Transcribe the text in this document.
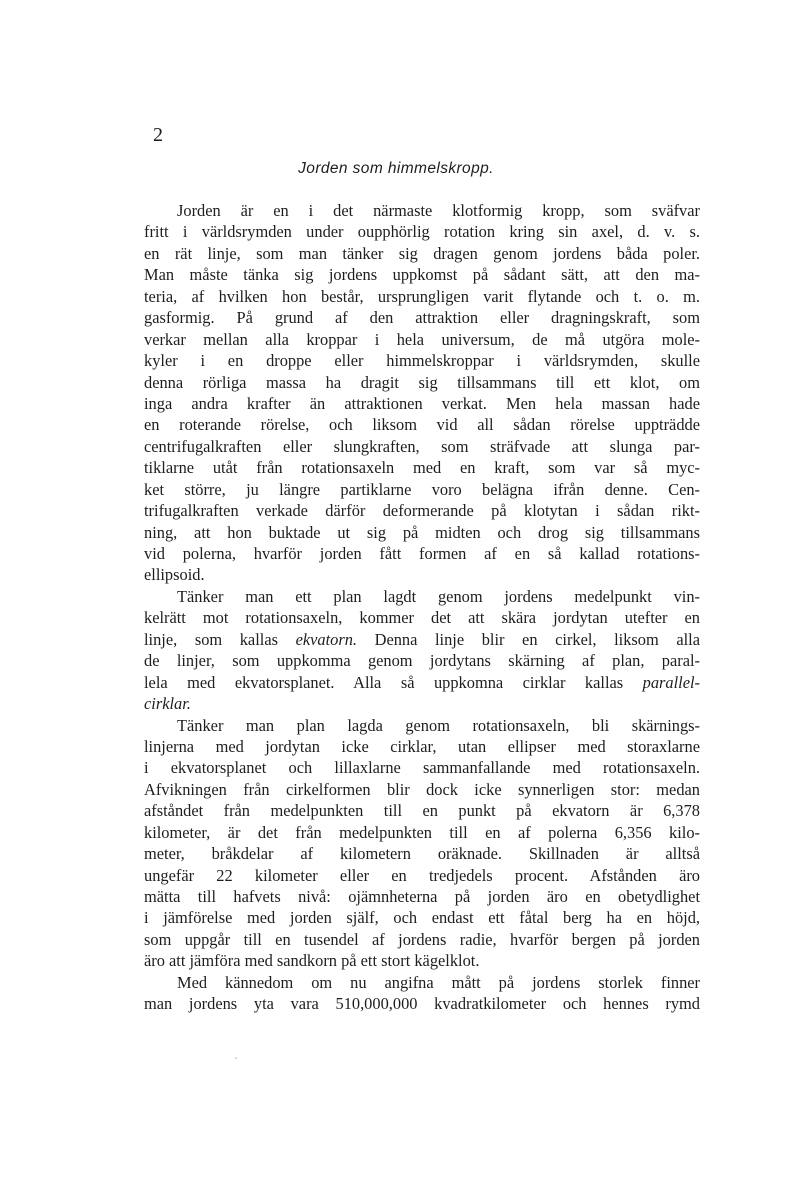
2
Jorden som himmelskropp.
Jorden är en i det närmaste klotformig kropp, som sväfvar
fritt i världsrymden under oupphörlig rotation kring sin axel, d. v. s.
en rät linje, som man tänker sig dragen genom jordens båda poler.
Man måste tänka sig jordens uppkomst på sådant sätt, att den ma-
teria, af hvilken hon består, ursprungligen varit flytande och t. o. m.
gasformig. På grund af den attraktion eller dragningskraft, som
verkar mellan alla kroppar i hela universum, de må utgöra mole-
kyler i en droppe eller himmelskroppar i världsrymden, skulle
denna rörliga massa ha dragit sig tillsammans till ett klot, om
inga andra krafter än attraktionen verkat. Men hela massan hade
en roterande rörelse, och liksom vid all sådan rörelse uppträdde
centrifugalkraften eller slungkraften, som sträfvade att slunga par-
tiklarne utåt från rotationsaxeln med en kraft, som var så myc-
ket större, ju längre partiklarne voro belägna ifrån denne. Cen-
trifugalkraften verkade därför deformerande på klotytan i sådan rikt-
ning, att hon buktade ut sig på midten och drog sig tillsammans
vid polerna, hvarför jorden fått formen af en så kallad rotations-
ellipsoid.
Tänker man ett plan lagdt genom jordens medelpunkt vin-
kelrätt mot rotationsaxeln, kommer det att skära jordytan utefter en
linje, som kallas ekvatorn. Denna linje blir en cirkel, liksom alla
de linjer, som uppkomma genom jordytans skärning af plan, paral-
lela med ekvatorsplanet. Alla så uppkomna cirklar kallas parallel-
cirklar.
Tänker man plan lagda genom rotationsaxeln, bli skärnings-
linjerna med jordytan icke cirklar, utan ellipser med storaxlarne
i ekvatorsplanet och lillaxlarne sammanfallande med rotationsaxeln.
Afvikningen från cirkelformen blir dock icke synnerligen stor: medan
afståndet från medelpunkten till en punkt på ekvatorn är 6,378
kilometer, är det från medelpunkten till en af polerna 6,356 kilo-
meter, bråkdelar af kilometern oräknade. Skillnaden är alltså
ungefär 22 kilometer eller en tredjedels procent. Afstånden äro
mätta till hafvets nivå: ojämnheterna på jorden äro en obetydlighet
i jämförelse med jorden själf, och endast ett fåtal berg ha en höjd,
som uppgår till en tusendel af jordens radie, hvarför bergen på jorden
äro att jämföra med sandkorn på ett stort kägelklot.
Med kännedom om nu angifna mått på jordens storlek finner
man jordens yta vara 510,000,000 kvadratkilometer och hennes rymd
